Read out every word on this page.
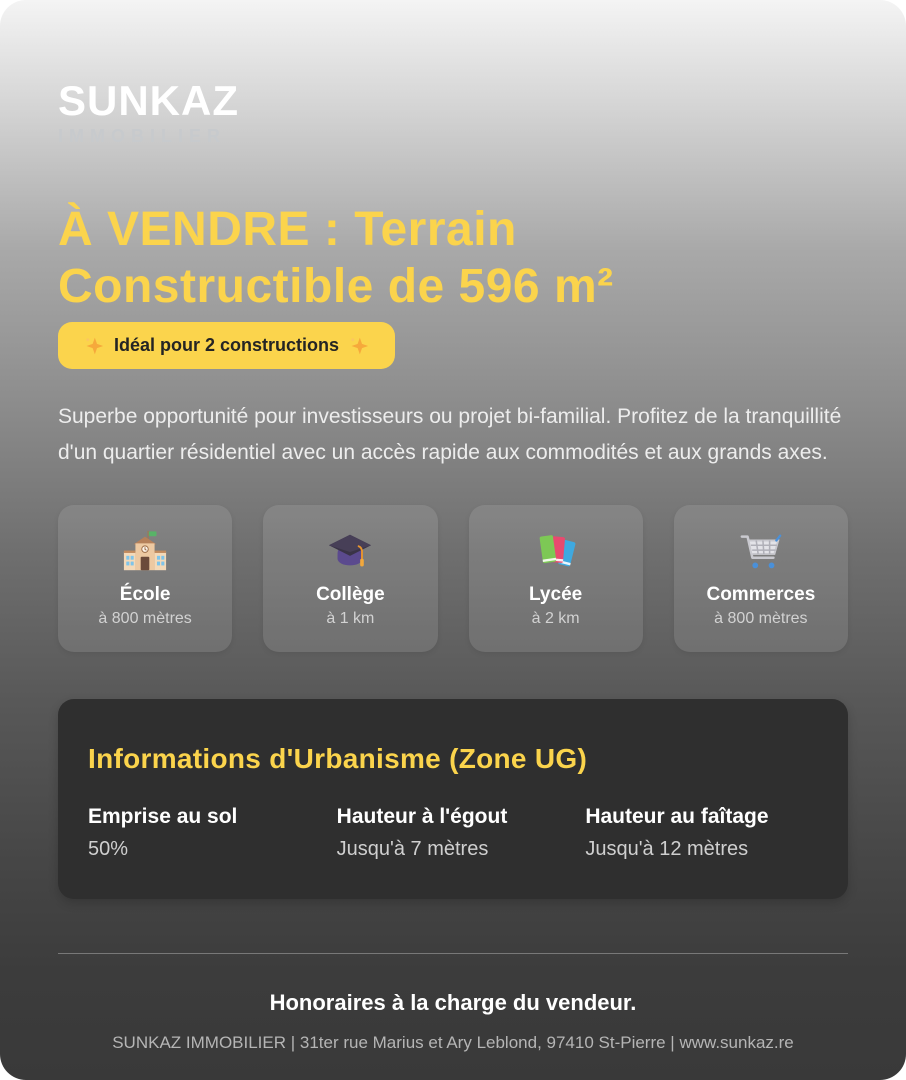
SUNKAZ
IMMOBILIER
À VENDRE : Terrain
Constructible de 596 m²
Idéal pour 2 constructions

Superbe opportunité pour investisseurs ou projet bi-familial. Profitez de la tranquillité d'un quartier résidentiel avec un accès rapide aux commodités et aux grands axes.

École
à 800 mètres
Collège
à 1 km
Lycée
à 2 km
Commerces
à 800 mètres
Informations d'Urbanisme (Zone UG)
Emprise au sol
50%
Hauteur à l'égout
Jusqu'à 7 mètres
Hauteur au faîtage
Jusqu'à 12 mètres
Honoraires à la charge du vendeur.
SUNKAZ IMMOBILIER | 31ter rue Marius et Ary Leblond, 97410 St-Pierre | www.sunkaz.re
